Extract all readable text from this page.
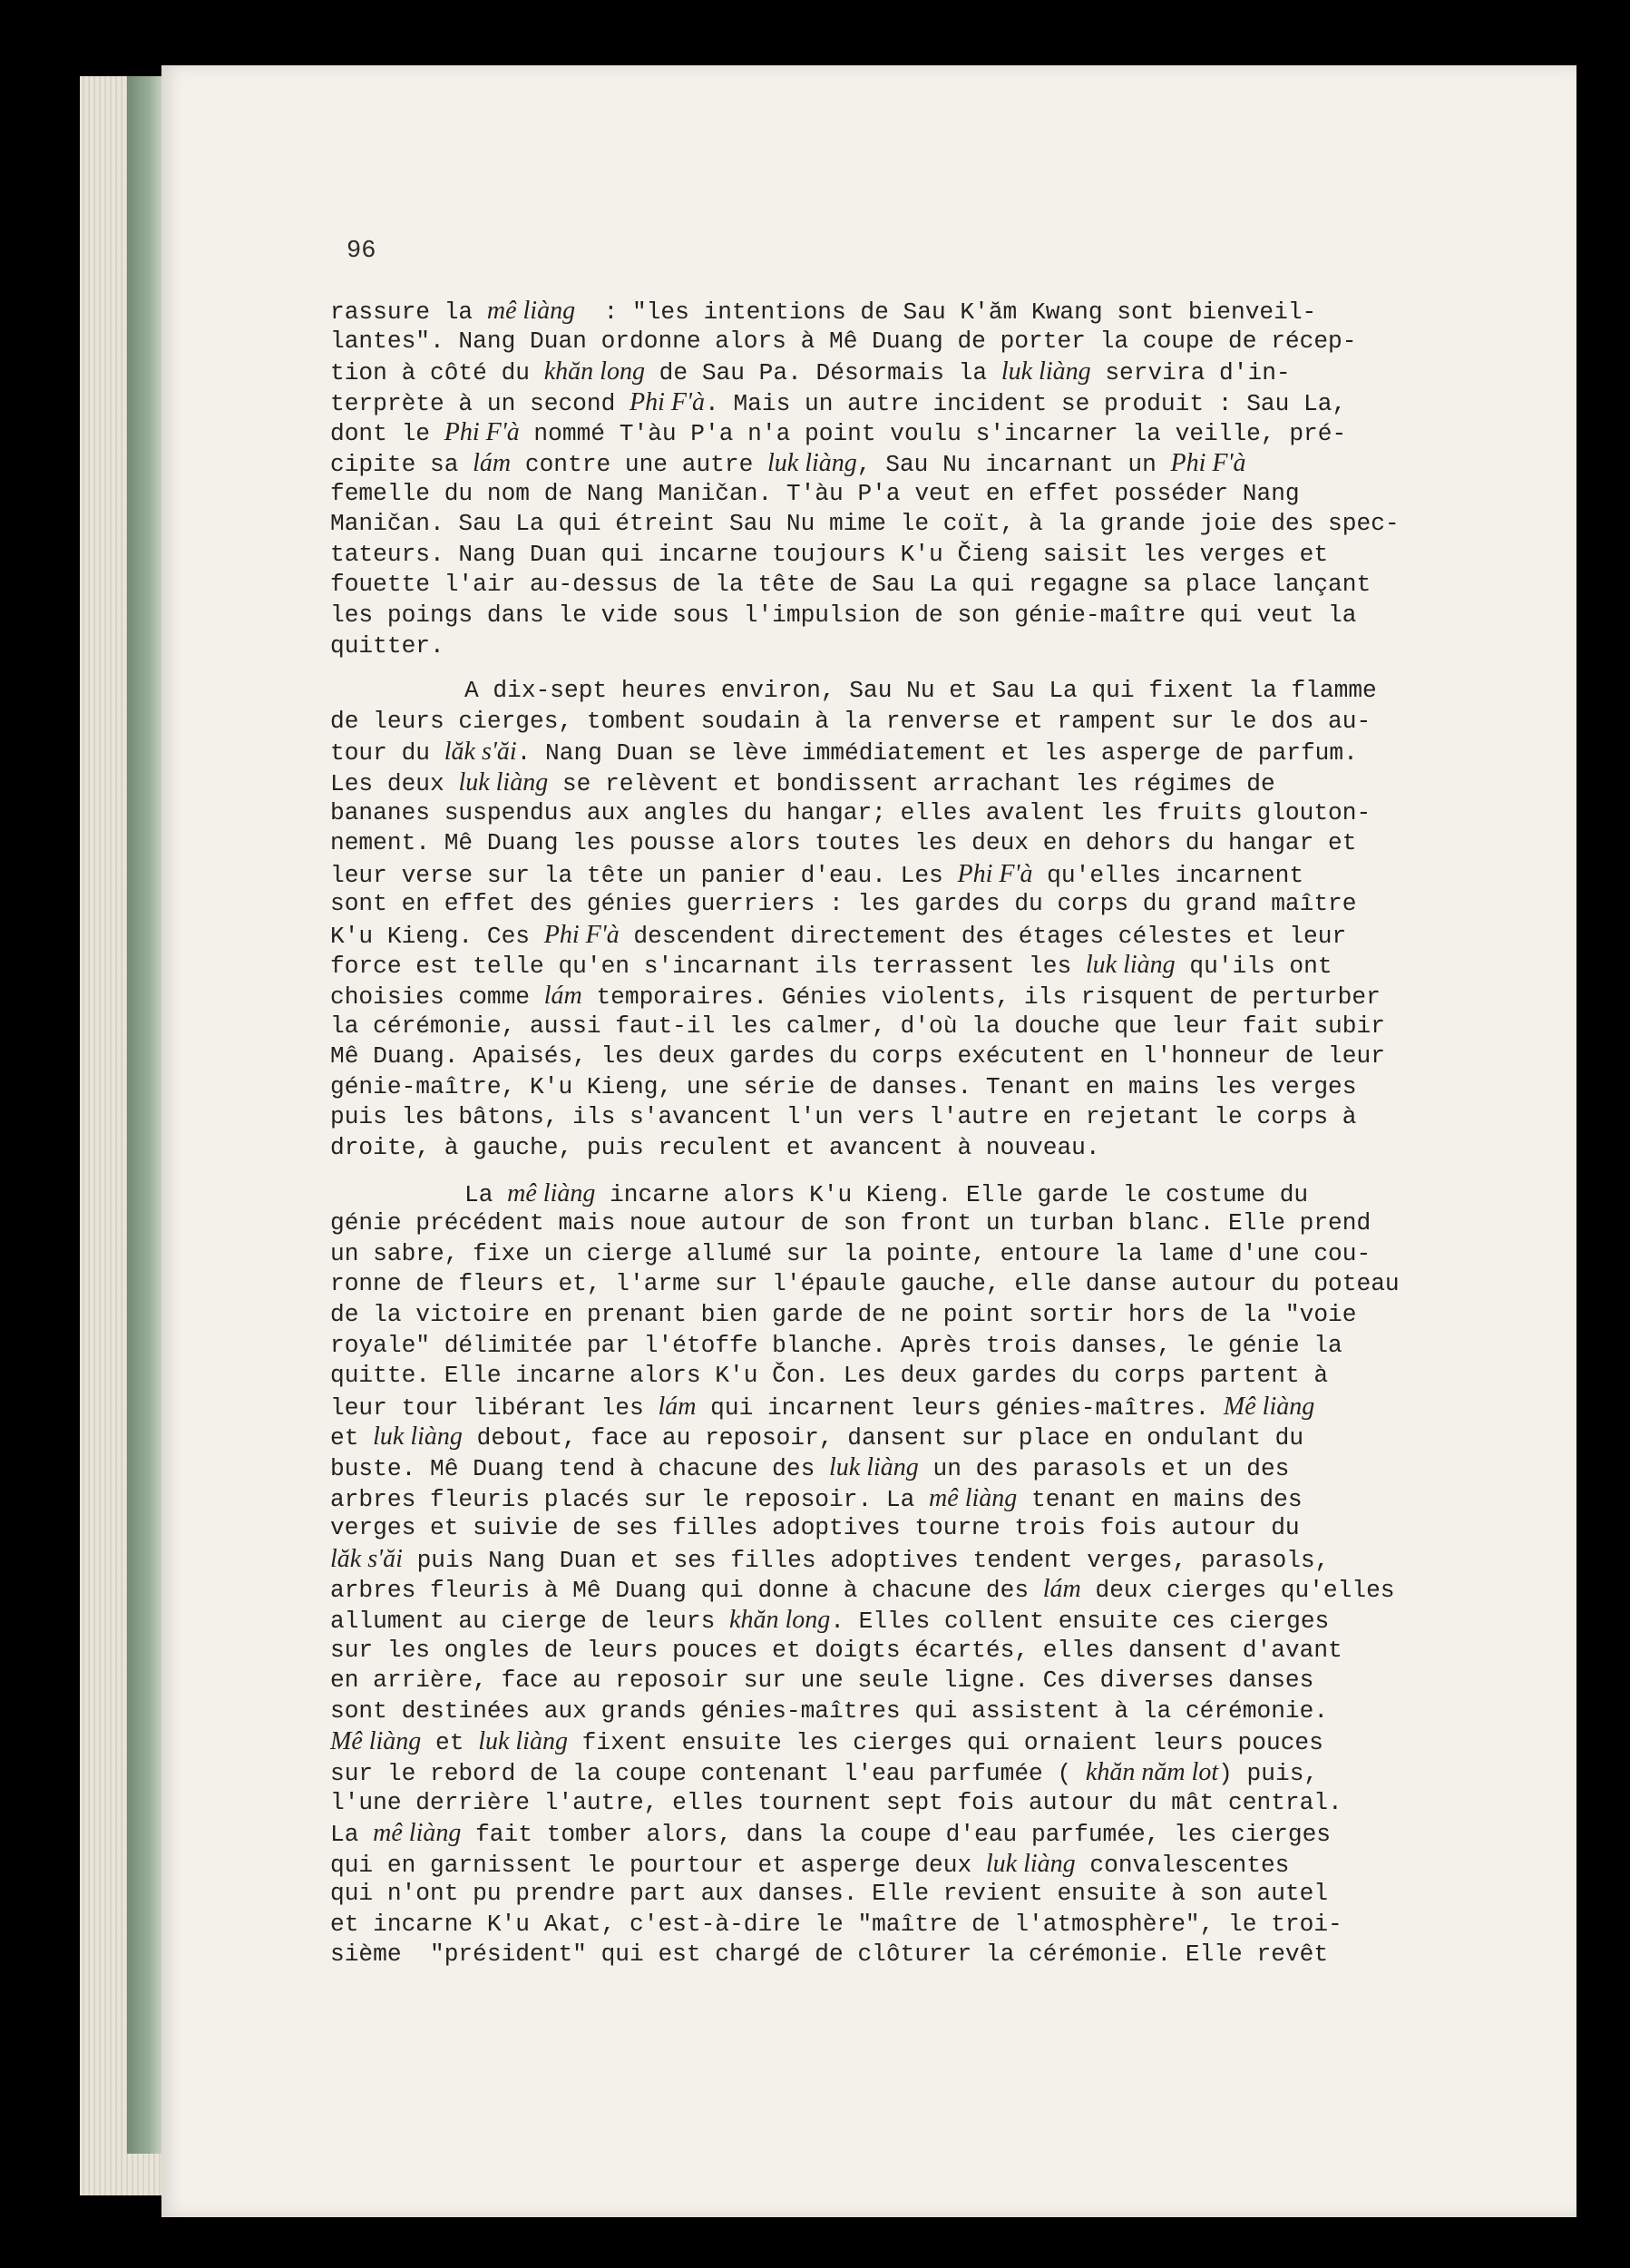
96

rassure la mê liàng  : "les intentions de Sau K'ăm Kwang sont bienveil-
lantes". Nang Duan ordonne alors à Mê Duang de porter la coupe de récep-
tion à côté du khăn long de Sau Pa. Désormais la luk liàng servira d'in-
terprète à un second Phi F'à. Mais un autre incident se produit : Sau La,
dont le Phi F'à nommé T'àu P'a n'a point voulu s'incarner la veille, pré-
cipite sa lám contre une autre luk liàng, Sau Nu incarnant un Phi F'à
femelle du nom de Nang Maničan. T'àu P'a veut en effet posséder Nang
Maničan. Sau La qui étreint Sau Nu mime le coït, à la grande joie des spec-
tateurs. Nang Duan qui incarne toujours K'u Čieng saisit les verges et
fouette l'air au-dessus de la tête de Sau La qui regagne sa place lançant
les poings dans le vide sous l'impulsion de son génie-maître qui veut la
quitter.

A dix-sept heures environ, Sau Nu et Sau La qui fixent la flamme
de leurs cierges, tombent soudain à la renverse et rampent sur le dos au-
tour du lăk s'ăi. Nang Duan se lève immédiatement et les asperge de parfum.
Les deux luk liàng se relèvent et bondissent arrachant les régimes de
bananes suspendus aux angles du hangar; elles avalent les fruits glouton-
nement. Mê Duang les pousse alors toutes les deux en dehors du hangar et
leur verse sur la tête un panier d'eau. Les Phi F'à qu'elles incarnent
sont en effet des génies guerriers : les gardes du corps du grand maître
K'u Kieng. Ces Phi F'à descendent directement des étages célestes et leur
force est telle qu'en s'incarnant ils terrassent les luk liàng qu'ils ont
choisies comme lám temporaires. Génies violents, ils risquent de perturber
la cérémonie, aussi faut-il les calmer, d'où la douche que leur fait subir
Mê Duang. Apaisés, les deux gardes du corps exécutent en l'honneur de leur
génie-maître, K'u Kieng, une série de danses. Tenant en mains les verges
puis les bâtons, ils s'avancent l'un vers l'autre en rejetant le corps à
droite, à gauche, puis reculent et avancent à nouveau.

La mê liàng incarne alors K'u Kieng. Elle garde le costume du
génie précédent mais noue autour de son front un turban blanc. Elle prend
un sabre, fixe un cierge allumé sur la pointe, entoure la lame d'une cou-
ronne de fleurs et, l'arme sur l'épaule gauche, elle danse autour du poteau
de la victoire en prenant bien garde de ne point sortir hors de la "voie
royale" délimitée par l'étoffe blanche. Après trois danses, le génie la
quitte. Elle incarne alors K'u Čon. Les deux gardes du corps partent à
leur tour libérant les lám qui incarnent leurs génies-maîtres. Mê liàng
et luk liàng debout, face au reposoir, dansent sur place en ondulant du
buste. Mê Duang tend à chacune des luk liàng un des parasols et un des
arbres fleuris placés sur le reposoir. La mê liàng tenant en mains des
verges et suivie de ses filles adoptives tourne trois fois autour du
lăk s'ăi puis Nang Duan et ses filles adoptives tendent verges, parasols,
arbres fleuris à Mê Duang qui donne à chacune des lám deux cierges qu'elles
allument au cierge de leurs khăn long. Elles collent ensuite ces cierges
sur les ongles de leurs pouces et doigts écartés, elles dansent d'avant
en arrière, face au reposoir sur une seule ligne. Ces diverses danses
sont destinées aux grands génies-maîtres qui assistent à la cérémonie.
Mê liàng et luk liàng fixent ensuite les cierges qui ornaient leurs pouces
sur le rebord de la coupe contenant l'eau parfumée ( khăn năm lot) puis,
l'une derrière l'autre, elles tournent sept fois autour du mât central.
La mê liàng fait tomber alors, dans la coupe d'eau parfumée, les cierges
qui en garnissent le pourtour et asperge deux luk liàng convalescentes
qui n'ont pu prendre part aux danses. Elle revient ensuite à son autel
et incarne K'u Akat, c'est-à-dire le "maître de l'atmosphère", le troi-
sième  "président" qui est chargé de clôturer la cérémonie. Elle revêt
